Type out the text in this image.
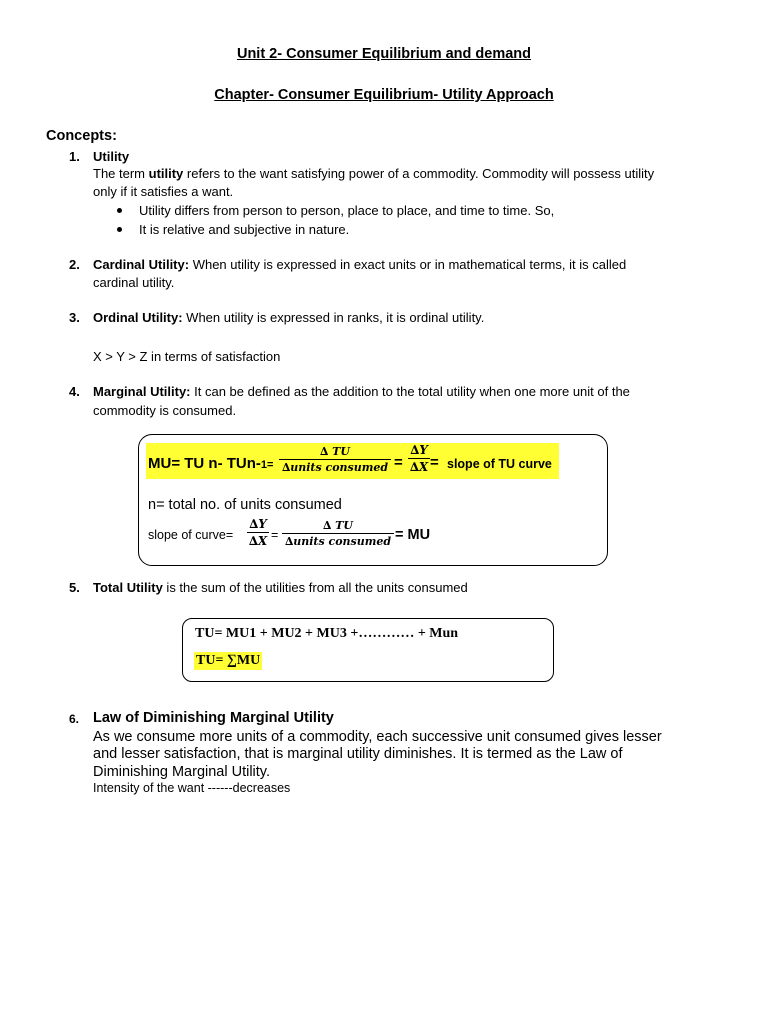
Unit 2- Consumer Equilibrium and demand
Chapter- Consumer Equilibrium- Utility Approach
Concepts:
1. Utility
The term utility refers to the want satisfying power of a commodity. Commodity will possess utility
only if it satisfies a want.
Utility differs from person to person, place to place, and time to time. So,
It is relative and subjective in nature.
2. Cardinal Utility: When utility is expressed in exact units or in mathematical terms, it is called
cardinal utility.
3. Ordinal Utility: When utility is expressed in ranks, it is ordinal utility.
X > Y > Z in terms of satisfaction
4. Marginal Utility: It can be defined as the addition to the total utility when one more unit of the
commodity is consumed.
MU= TU n- TUn-1=
∆ TU
∆units consumed =
∆Y
∆X = slope of TU curve
n= total no. of units consumed
slope of curve=
∆Y
∆X =
∆ TU
∆units consumed = MU
5. Total Utility is the sum of the utilities from all the units consumed
TU= MU1 + MU2 + MU3 +………… + Mun
TU= ∑MU
6. Law of Diminishing Marginal Utility
As we consume more units of a commodity, each successive unit consumed gives lesser
and lesser satisfaction, that is marginal utility diminishes. It is termed as the Law of
Diminishing Marginal Utility.
Intensity of the want ------decreases
